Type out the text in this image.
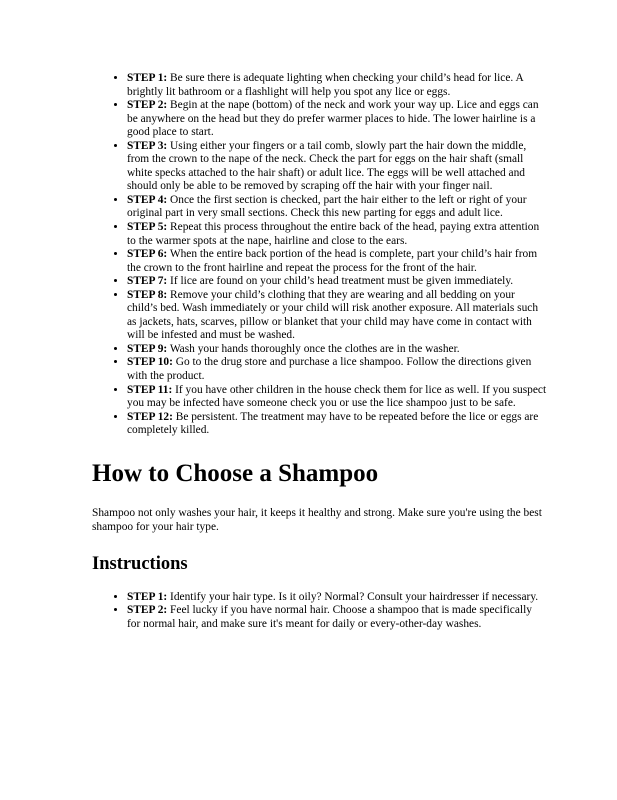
• STEP 1: Be sure there is adequate lighting when checking your child’s head for lice. A brightly lit bathroom or a flashlight will help you spot any lice or eggs.
• STEP 2: Begin at the nape (bottom) of the neck and work your way up. Lice and eggs can be anywhere on the head but they do prefer warmer places to hide. The lower hairline is a good place to start.
• STEP 3: Using either your fingers or a tail comb, slowly part the hair down the middle, from the crown to the nape of the neck. Check the part for eggs on the hair shaft (small white specks attached to the hair shaft) or adult lice. The eggs will be well attached and should only be able to be removed by scraping off the hair with your finger nail.
• STEP 4: Once the first section is checked, part the hair either to the left or right of your original part in very small sections. Check this new parting for eggs and adult lice.
• STEP 5: Repeat this process throughout the entire back of the head, paying extra attention to the warmer spots at the nape, hairline and close to the ears.
• STEP 6: When the entire back portion of the head is complete, part your child’s hair from the crown to the front hairline and repeat the process for the front of the hair.
• STEP 7: If lice are found on your child’s head treatment must be given immediately.
• STEP 8: Remove your child’s clothing that they are wearing and all bedding on your child’s bed. Wash immediately or your child will risk another exposure. All materials such as jackets, hats, scarves, pillow or blanket that your child may have come in contact with will be infested and must be washed.
• STEP 9: Wash your hands thoroughly once the clothes are in the washer.
• STEP 10: Go to the drug store and purchase a lice shampoo. Follow the directions given with the product.
• STEP 11: If you have other children in the house check them for lice as well. If you suspect you may be infected have someone check you or use the lice shampoo just to be safe.
• STEP 12: Be persistent. The treatment may have to be repeated before the lice or eggs are completely killed.
How to Choose a Shampoo

Shampoo not only washes your hair, it keeps it healthy and strong. Make sure you're using the best shampoo for your hair type.

Instructions
• STEP 1: Identify your hair type. Is it oily? Normal? Consult your hairdresser if necessary.
• STEP 2: Feel lucky if you have normal hair. Choose a shampoo that is made specifically for normal hair, and make sure it's meant for daily or every-other-day washes.
